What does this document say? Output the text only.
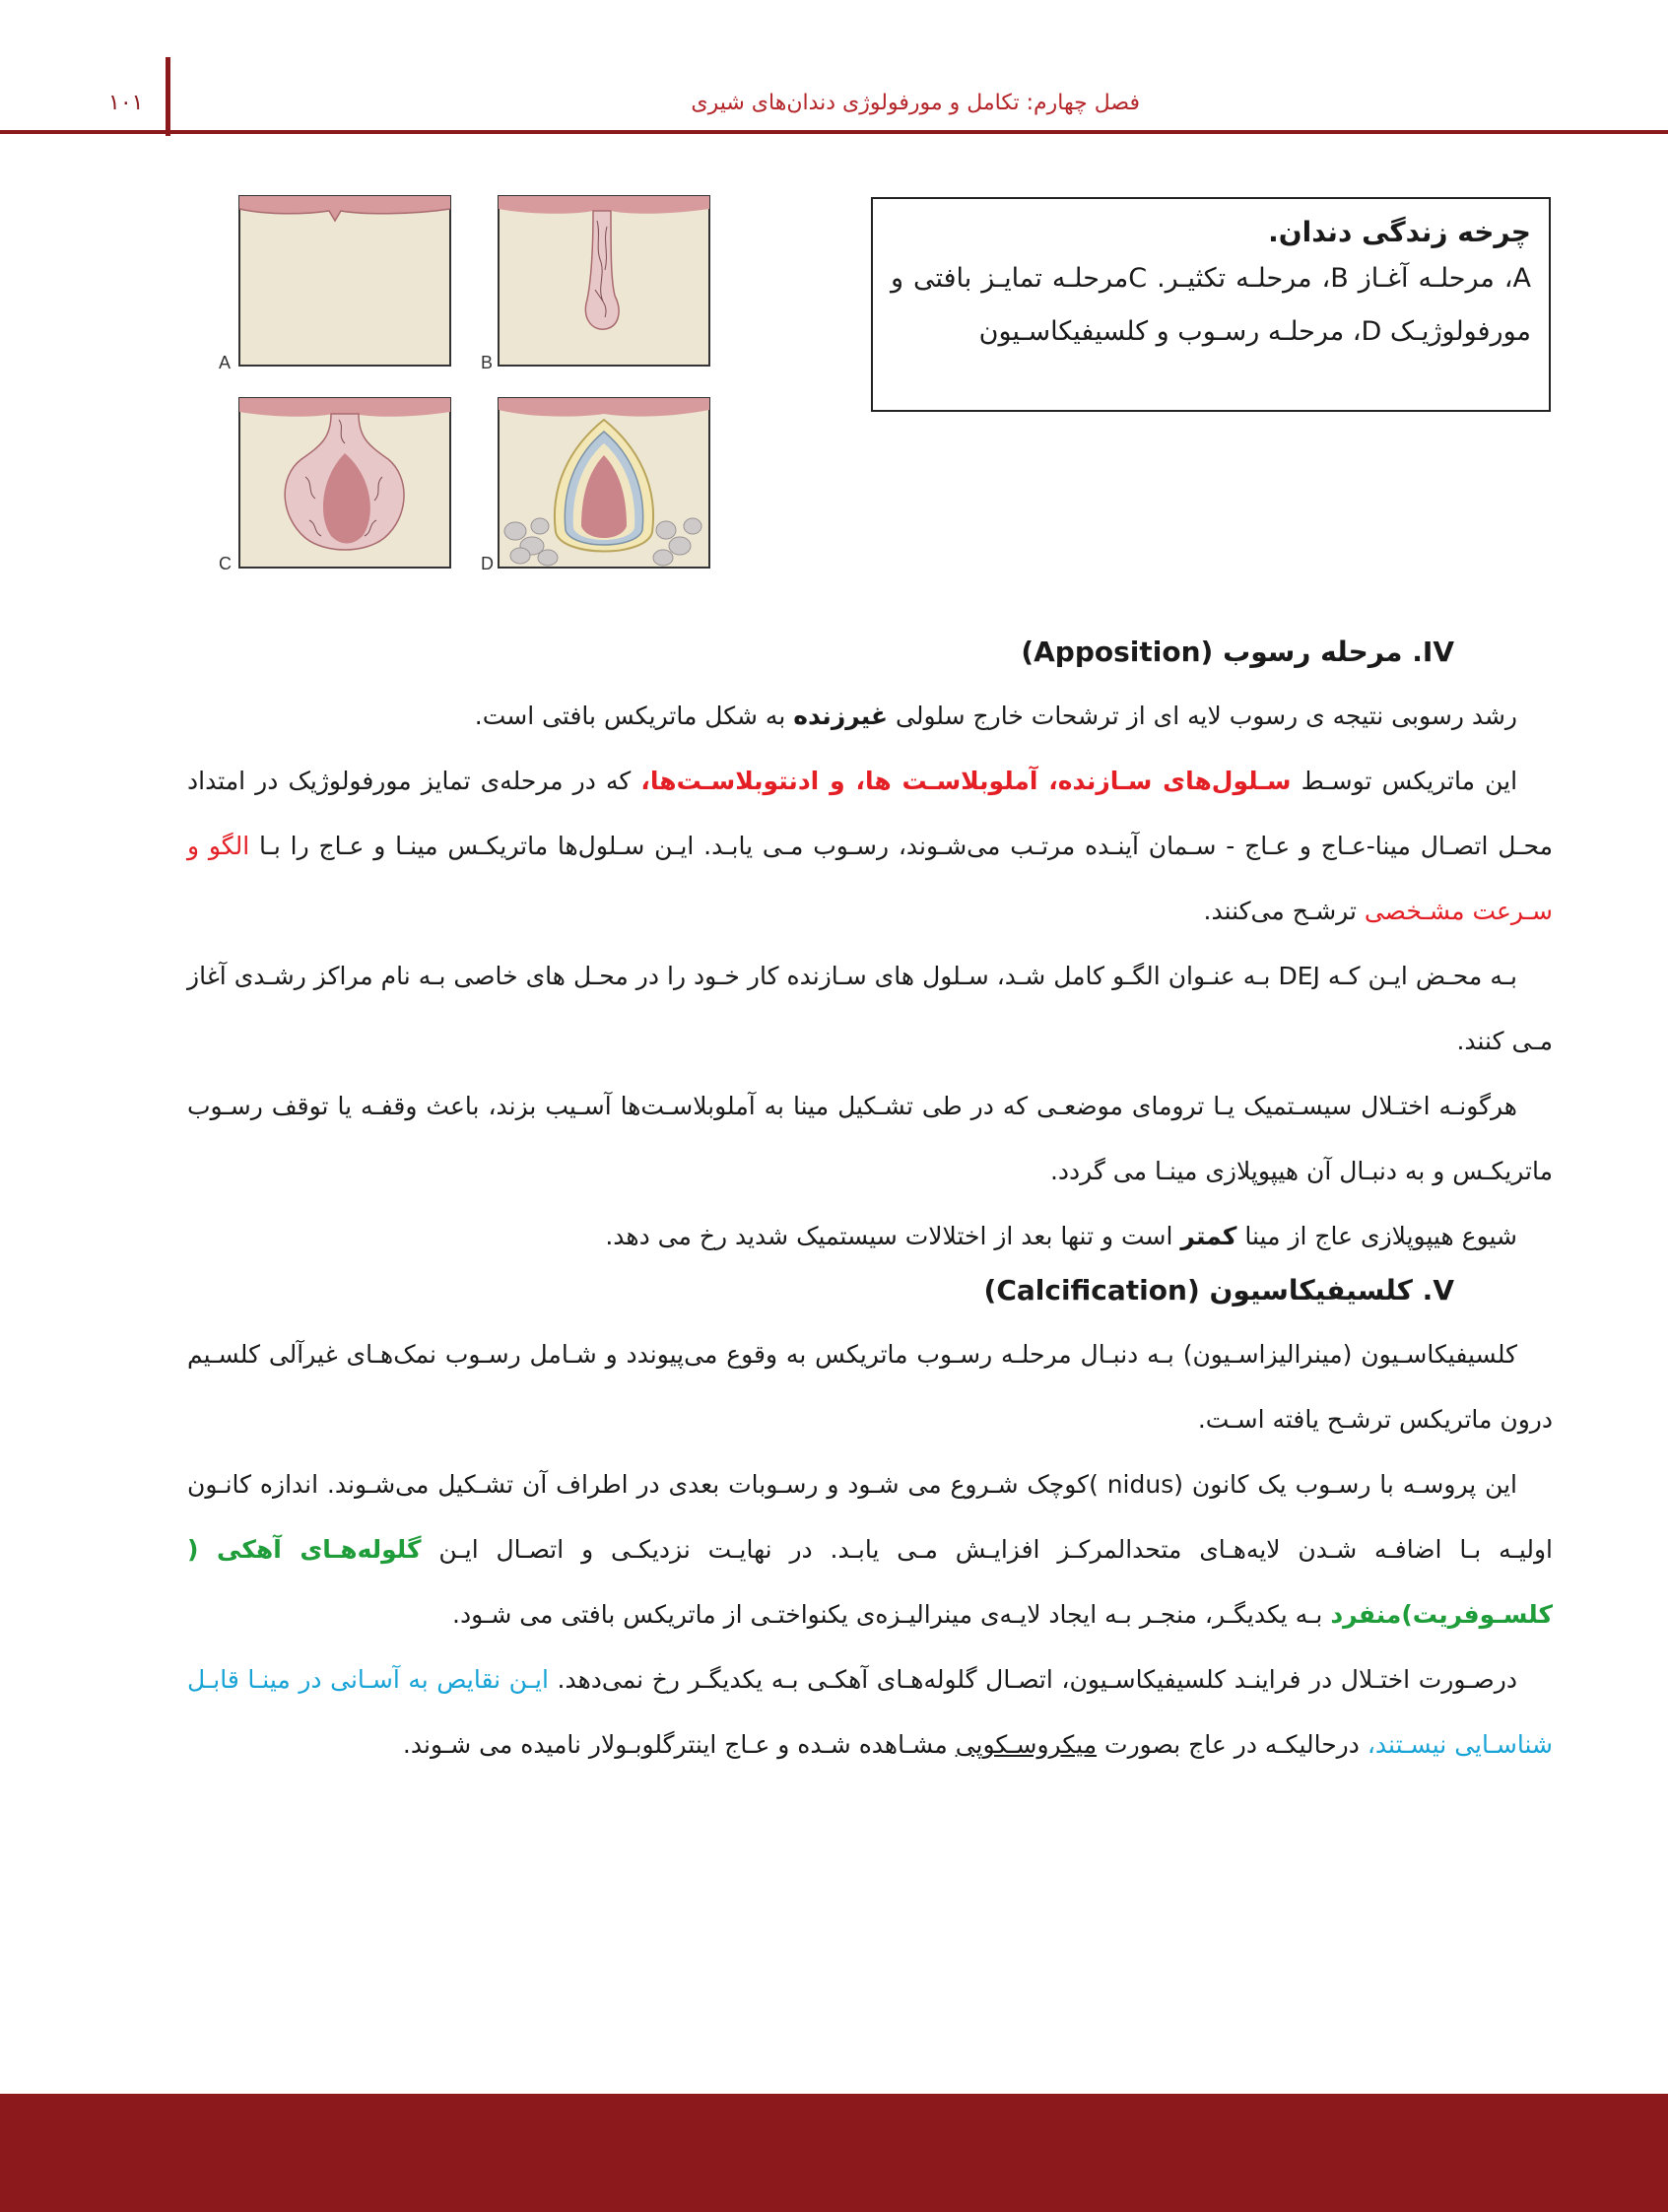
۱۰۱	فصل چهارم: تکامل و مورفولوژی دندان‌های شیری
A	B
C	D
چرخه زندگی دندان.
A، مرحلـه آغـاز B، مرحلـه تکثیـر. Cمرحلـه تمایـز بافتی و مورفولوژیـک D، مرحلـه رسـوب و کلسیفیکاسـیون
IV. مرحله رسوب (Apposition)

رشد رسوبی نتیجه ی رسوب لایه ای از ترشحات خارج سلولی غیرزنده به شکل ماتریکس بافتی است.

این ماتریکس توسـط سـلول‌های سـازنده، آملوبلاسـت ها، و ادنتوبلاسـت‌ها، که در مرحله‌ی تمایز مورفولوژیک در امتداد محـل اتصـال مینا-عـاج و عـاج - سـمان آینـده مرتـب می‌شـوند، رسـوب مـی یابـد. ایـن سـلول‌ها ماتریکـس مینـا و عـاج را بـا الگو و سـرعت مشـخصی ترشـح می‌کنند.

بـه محـض ایـن کـه DEJ بـه عنـوان الگـو کامل شـد، سـلول های سـازنده کار خـود را در محـل های خاصی بـه نام مراکز رشـدی آغاز مـی کنند.

هرگونـه اختـلال سیسـتمیک یـا ترومای موضعـی که در طی تشـکیل مینا به آملوبلاسـت‌ها آسـیب بزند، باعث وقفـه یا توقف رسـوب ماتریکـس و به دنبـال آن هیپوپلازی مینـا می گردد.

شیوع هیپوپلازی عاج از مینا کمتر است و تنها بعد از اختلالات سیستمیک شدید رخ می دهد.

V. کلسیفیکاسیون (Calcification)

کلسیفیکاسـیون (مینرالیزاسـیون) بـه دنبـال مرحلـه رسـوب ماتریکس به وقوع می‌پیوندد و شـامل رسـوب نمک‌هـای غیرآلی کلسـیم درون ماتریکس ترشـح یافته اسـت.

این پروسـه با رسـوب یک کانون (nidus )کوچک شـروع می شـود و رسـوبات بعدی در اطراف آن تشـکیل می‌شـوند. اندازه کانـون اولیـه بـا اضافـه شـدن لایه‌هـای متحدالمرکـز افزایـش مـی یابـد. در نهایـت نزدیکـی و اتصـال ایـن گلوله‌هـای آهکی ( کلسـوفریت)منفرد بـه یکدیگـر، منجـر بـه ایجاد لایـه‌ی مینرالیـزه‌ی یکنواختـی از ماتریکس بافتی می شـود.

درصـورت اختـلال در فراینـد کلسیفیکاسـیون، اتصـال گلوله‌هـای آهکـی بـه یکدیگـر رخ نمی‌دهد. ایـن نقایص به آسـانی در مینـا قابـل شناسـایی نیسـتند، درحالیکـه در عاج بصورت میکروسـکوپی مشـاهده شـده و عـاج اینترگلوبـولار نامیده می شـوند.
